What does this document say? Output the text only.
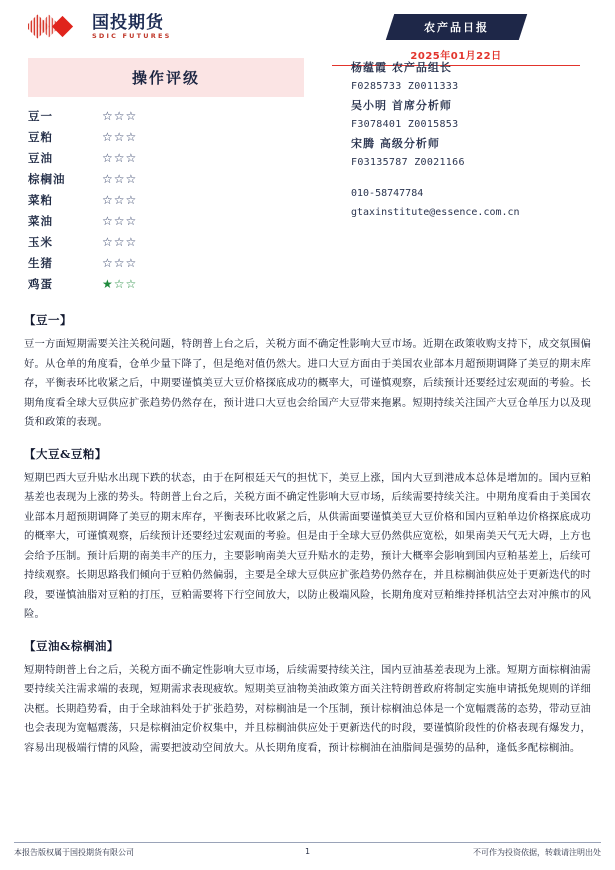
国投期货
SDIC FUTURES
农产品日报
2025年01月22日
操作评级
豆一	☆☆☆
豆粕	☆☆☆
豆油	☆☆☆
棕榈油	☆☆☆
菜粕	☆☆☆
菜油	☆☆☆
玉米	☆☆☆
生猪	☆☆☆
鸡蛋	★☆☆
杨蕴霞 农产品组长
F0285733 Z0011333
吴小明 首席分析师
F3078401 Z0015853
宋腾 高级分析师
F03135787 Z0021166
010-58747784
gtaxinstitute@essence.com.cn
【豆一】
豆一方面短期需要关注关税问题，特朗普上台之后，关税方面不确定性影响大豆市场。近期在政策收购支持下，成交氛围偏好。从仓单的角度看，仓单少量下降了，但是绝对值仍然大。进口大豆方面由于美国农业部本月超预期调降了美豆的期末库存，平衡表环比收紧之后，中期要谨慎美豆大豆价格探底成功的概率大，可谨慎观察，后续预计还要经过宏观面的考验。长期角度看全球大豆供应扩张趋势仍然存在，预计进口大豆也会给国产大豆带来拖累。短期持续关注国产大豆仓单压力以及现货和政策的表现。
【大豆&豆粕】
短期巴西大豆升贴水出现下跌的状态，由于在阿根廷天气的担忧下，美豆上涨，国内大豆到港成本总体是增加的。国内豆粕基差也表现为上涨的势头。特朗普上台之后，关税方面不确定性影响大豆市场，后续需要持续关注。中期角度看由于美国农业部本月超预期调降了美豆的期末库存，平衡表环比收紧之后，从供需面要谨慎美豆大豆价格和国内豆粕单边价格探底成功的概率大，可谨慎观察，后续预计还要经过宏观面的考验。但是由于全球大豆仍然供应宽松，如果南美天气无大碍，上方也会给予压制。预计后期的南美丰产的压力，主要影响南美大豆升贴水的走势，预计大概率会影响到国内豆粕基差上，后续可持续观察。长期思路我们倾向于豆粕仍然偏弱，主要是全球大豆供应扩张趋势仍然存在，并且棕榈油供应处于更新迭代的时段，要谨慎油脂对豆粕的打压，豆粕需要将下行空间放大，以防止极端风险，长期角度对豆粕维持择机沽空去对冲熊市的风险。
【豆油&棕榈油】
短期特朗普上台之后，关税方面不确定性影响大豆市场，后续需要持续关注，国内豆油基差表现为上涨。短期方面棕榈油需要持续关注需求端的表现，短期需求表现疲软。短期美豆油物美油政策方面关注特朗普政府将制定实施申请抵免规则的详细决框。长期趋势看，由于全球油料处于扩张趋势，对棕榈油是一个压制，预计棕榈油总体是一个宽幅震荡的态势，带动豆油也会表现为宽幅震荡，只是棕榈油定价权集中，并且棕榈油供应处于更新迭代的时段，要谨慎阶段性的价格表现有爆发力，容易出现极端行情的风险，需要把波动空间放大。从长期角度看，预计棕榈油在油脂间是强势的品种，逢低多配棕榈油。
本报告版权属于国投期货有限公司	1	不可作为投资依据，转载请注明出处
